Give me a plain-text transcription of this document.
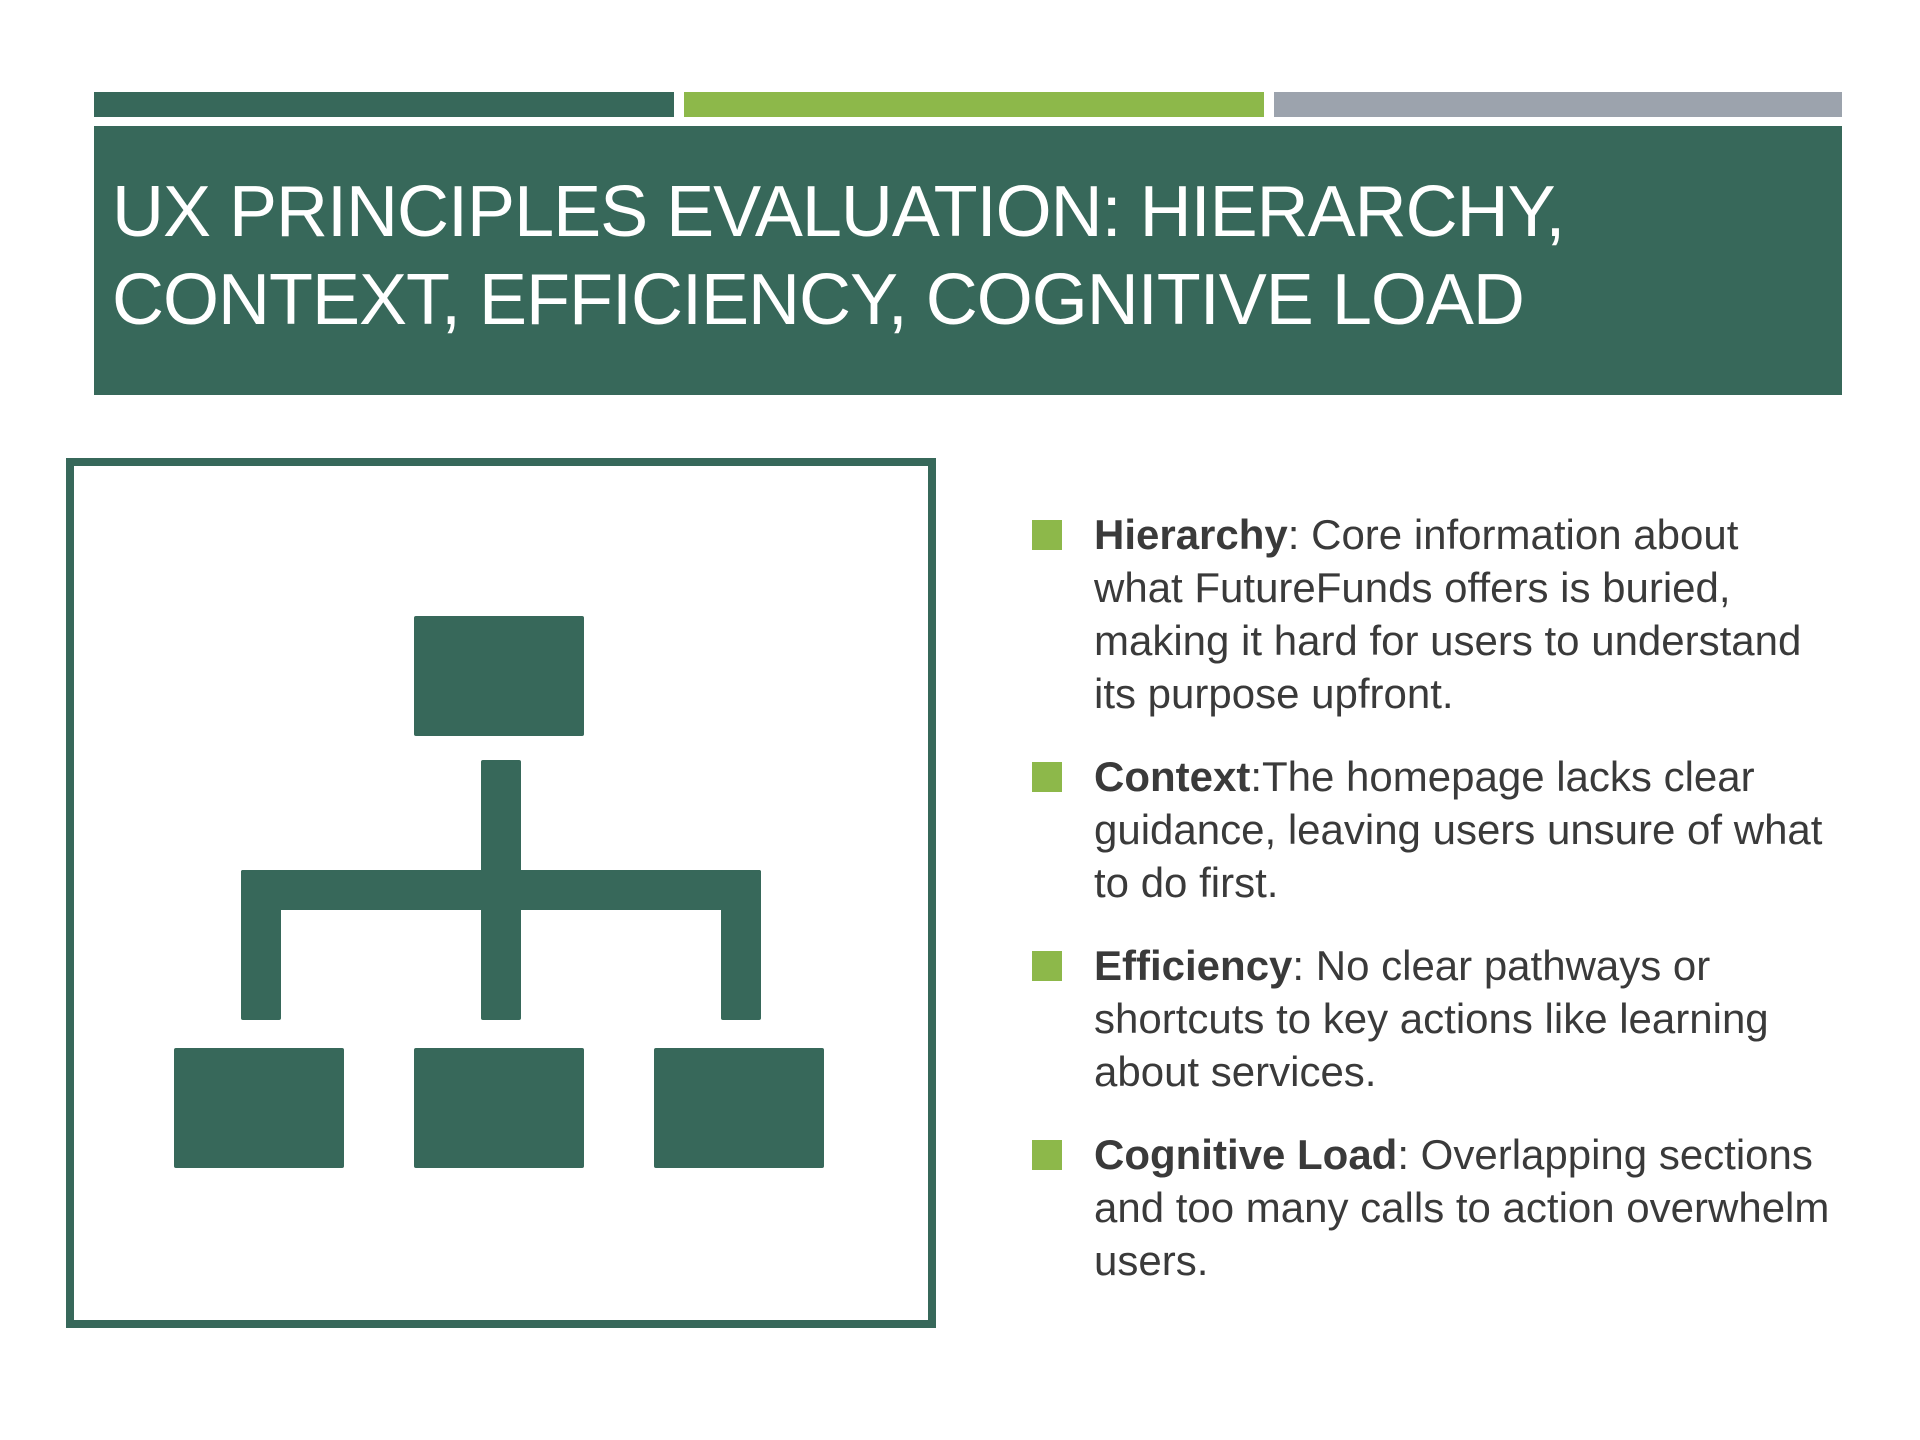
UX PRINCIPLES EVALUATION: HIERARCHY,
CONTEXT, EFFICIENCY, COGNITIVE LOAD
Hierarchy: Core information about what FutureFunds offers is buried, making it hard for users to understand its purpose upfront.
Context:The homepage lacks clear guidance, leaving users unsure of what to do first.
Efficiency: No clear pathways or shortcuts to key actions like learning about services.
Cognitive Load: Overlapping sections and too many calls to action overwhelm users.
